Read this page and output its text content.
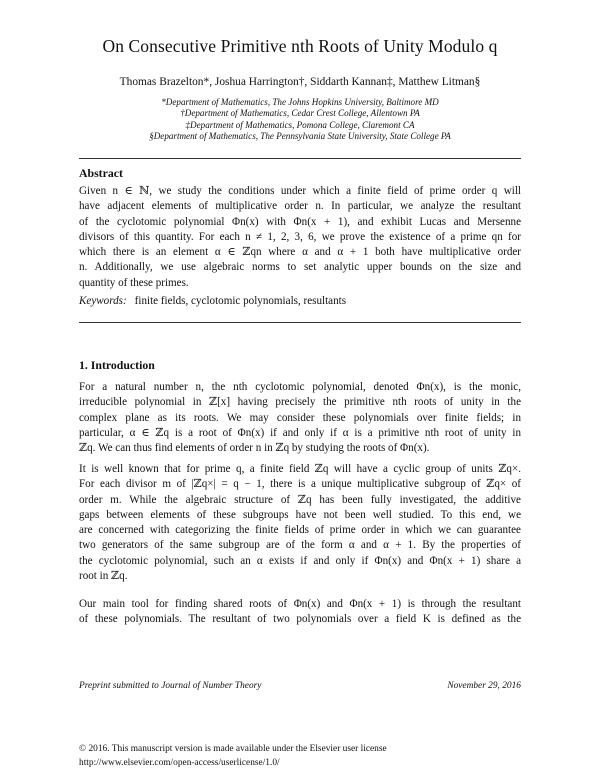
On Consecutive Primitive nth Roots of Unity Modulo q
Thomas Brazelton*, Joshua Harrington†, Siddarth Kannan‡, Matthew Litman§
*Department of Mathematics, The Johns Hopkins University, Baltimore MD
†Department of Mathematics, Cedar Crest College, Allentown PA
‡Department of Mathematics, Pomona College, Claremont CA
§Department of Mathematics, The Pennsylvania State University, State College PA
Abstract
Given n ∈ ℕ, we study the conditions under which a finite field of prime order q will
have adjacent elements of multiplicative order n. In particular, we analyze the resultant
of the cyclotomic polynomial Φn(x) with Φn(x + 1), and exhibit Lucas and Mersenne
divisors of this quantity. For each n ≠ 1, 2, 3, 6, we prove the existence of a prime qn for
which there is an element α ∈ ℤqn where α and α + 1 both have multiplicative order
n. Additionally, we use algebraic norms to set analytic upper bounds on the size and
quantity of these primes.
Keywords: finite fields, cyclotomic polynomials, resultants
1. Introduction
For a natural number n, the nth cyclotomic polynomial, denoted Φn(x), is the monic,
irreducible polynomial in ℤ[x] having precisely the primitive nth roots of unity in the
complex plane as its roots. We may consider these polynomials over finite fields; in
particular, α ∈ ℤq is a root of Φn(x) if and only if α is a primitive nth root of unity in
ℤq. We can thus find elements of order n in ℤq by studying the roots of Φn(x).
It is well known that for prime q, a finite field ℤq will have a cyclic group of units ℤq×.
For each divisor m of |ℤq×| = q − 1, there is a unique multiplicative subgroup of ℤq× of
order m. While the algebraic structure of ℤq has been fully investigated, the additive
gaps between elements of these subgroups have not been well studied. To this end, we
are concerned with categorizing the finite fields of prime order in which we can guarantee
two generators of the same subgroup are of the form α and α + 1. By the properties of
the cyclotomic polynomial, such an α exists if and only if Φn(x) and Φn(x + 1) share a
root in ℤq.
Our main tool for finding shared roots of Φn(x) and Φn(x + 1) is through the resultant
of these polynomials. The resultant of two polynomials over a field K is defined as the
Preprint submitted to Journal of Number Theory	November 29, 2016
© 2016. This manuscript version is made available under the Elsevier user license
http://www.elsevier.com/open-access/userlicense/1.0/
